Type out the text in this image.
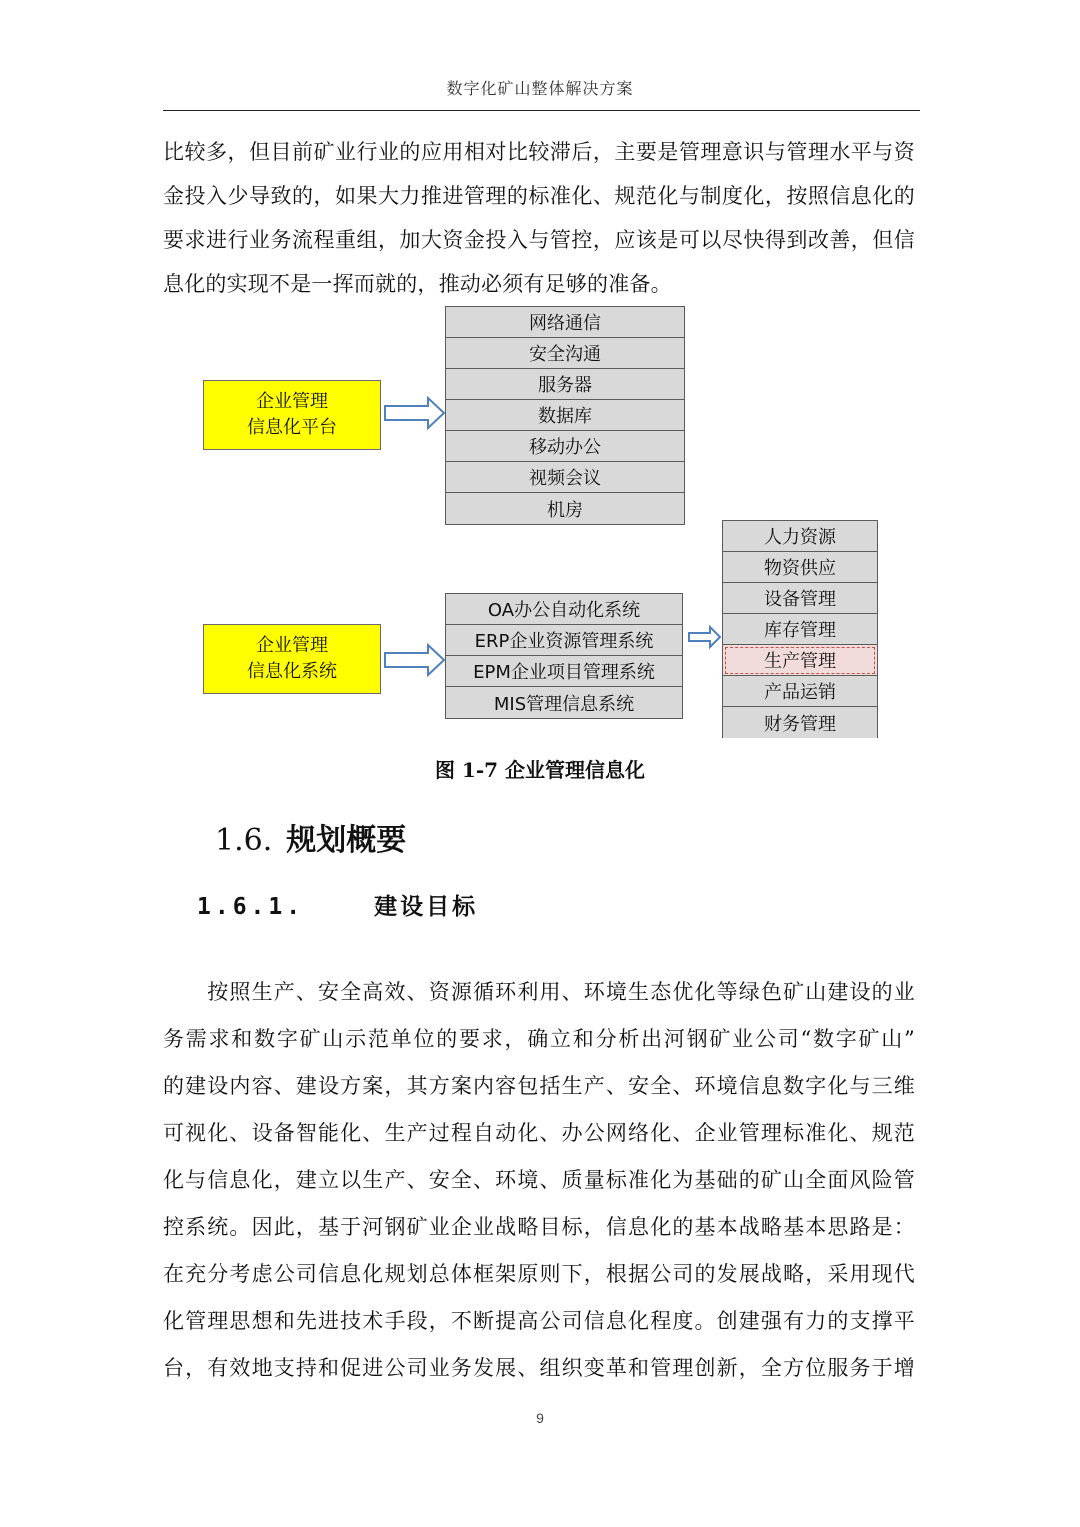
数字化矿山整体解决方案
比较多，但目前矿业行业的应用相对比较滞后，主要是管理意识与管理水平与资
金投入少导致的，如果大力推进管理的标准化、规范化与制度化，按照信息化的
要求进行业务流程重组，加大资金投入与管控，应该是可以尽快得到改善，但信
息化的实现不是一挥而就的，推动必须有足够的准备。
企业管理
信息化平台
网络通信
安全沟通
服务器
数据库
移动办公
视频会议
机房
企业管理
信息化系统
OA办公自动化系统
ERP企业资源管理系统
EPM企业项目管理系统
MIS管理信息系统
人力资源
物资供应
设备管理
库存管理
生产管理
产品运销
财务管理
图 1-7 企业管理信息化
1.6. 规划概要
1.6.1.	建设目标
　　按照生产、安全高效、资源循环利用、环境生态优化等绿色矿山建设的业
务需求和数字矿山示范单位的要求，确立和分析出河钢矿业公司“数字矿山”
的建设内容、建设方案，其方案内容包括生产、安全、环境信息数字化与三维
可视化、设备智能化、生产过程自动化、办公网络化、企业管理标准化、规范
化与信息化，建立以生产、安全、环境、质量标准化为基础的矿山全面风险管
控系统。因此，基于河钢矿业企业战略目标，信息化的基本战略基本思路是：
在充分考虑公司信息化规划总体框架原则下，根据公司的发展战略，采用现代
化管理思想和先进技术手段，不断提高公司信息化程度。创建强有力的支撑平
台，有效地支持和促进公司业务发展、组织变革和管理创新，全方位服务于增
9
